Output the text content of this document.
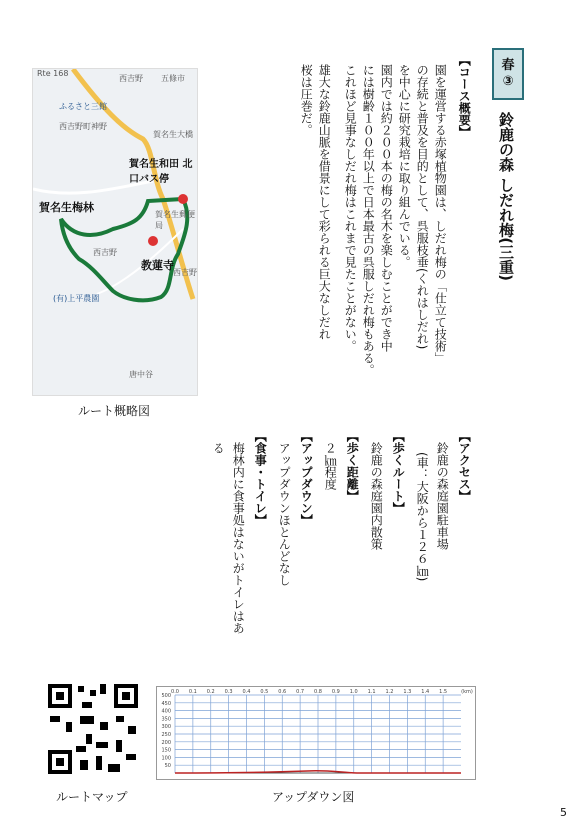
春
③
鈴鹿の森 しだれ梅(三重)
【コース概要】
園を運営する赤塚植物園は、しだれ梅の「仕立て技術」
の存続と普及を目的として、呉服枝垂(くれはしだれ)
を中心に研究栽培に取り組んでいる。
園内では約２００本の梅の名木を楽しむことができ中
には樹齢１００年以上で日本最古の呉服しだれ梅もある。
これほど見事なしだれ梅はこれまで見たことがない。
雄大な鈴鹿山脈を借景にして彩られる巨大なしだれ
桜は圧巻だ。
【アクセス】
鈴鹿の森庭園駐車場
(車：大阪から１２６㎞)
【歩くルート】
鈴鹿の森庭園内散策
【歩く距離】
２㎞程度
【アップダウン】
アップダウンほとんどなし
【食事・トイレ】
梅林内に食事処はないがトイレはあ
る
賀名生梅林
賀名生和田 北口バス停
教蓮寺
Rte 168
西吉野 五條市
ふるさと三館
西吉野町神野
賀名生大橋
賀名生郵便局
西吉野
西吉野
(有)上平農園
唐中谷
ルート概略図
ルートマップ
0.0 0.1 0.2 0.3 0.4 0.5 0.6 0.7 0.8 0.9 1.0 1.1 1.2 1.3 1.4 1.5	(km)
500
450
400
350
300
250
200
150
100
50
アップダウン図
5
